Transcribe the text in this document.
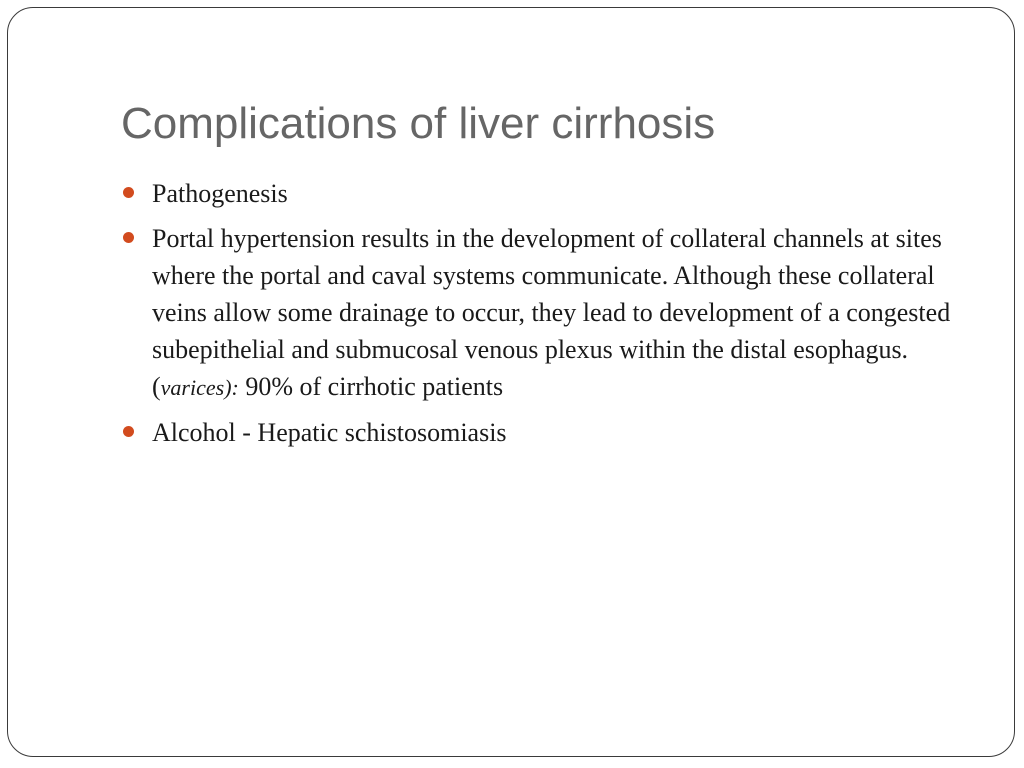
Complications of liver cirrhosis
Pathogenesis
Portal hypertension results in the development of collateral channels at sites where the portal and caval systems communicate. Although these collateral veins allow some drainage to occur, they lead to development of a congested subepithelial and submucosal venous plexus within the distal esophagus. (varices): 90% of cirrhotic patients
Alcohol - Hepatic schistosomiasis
